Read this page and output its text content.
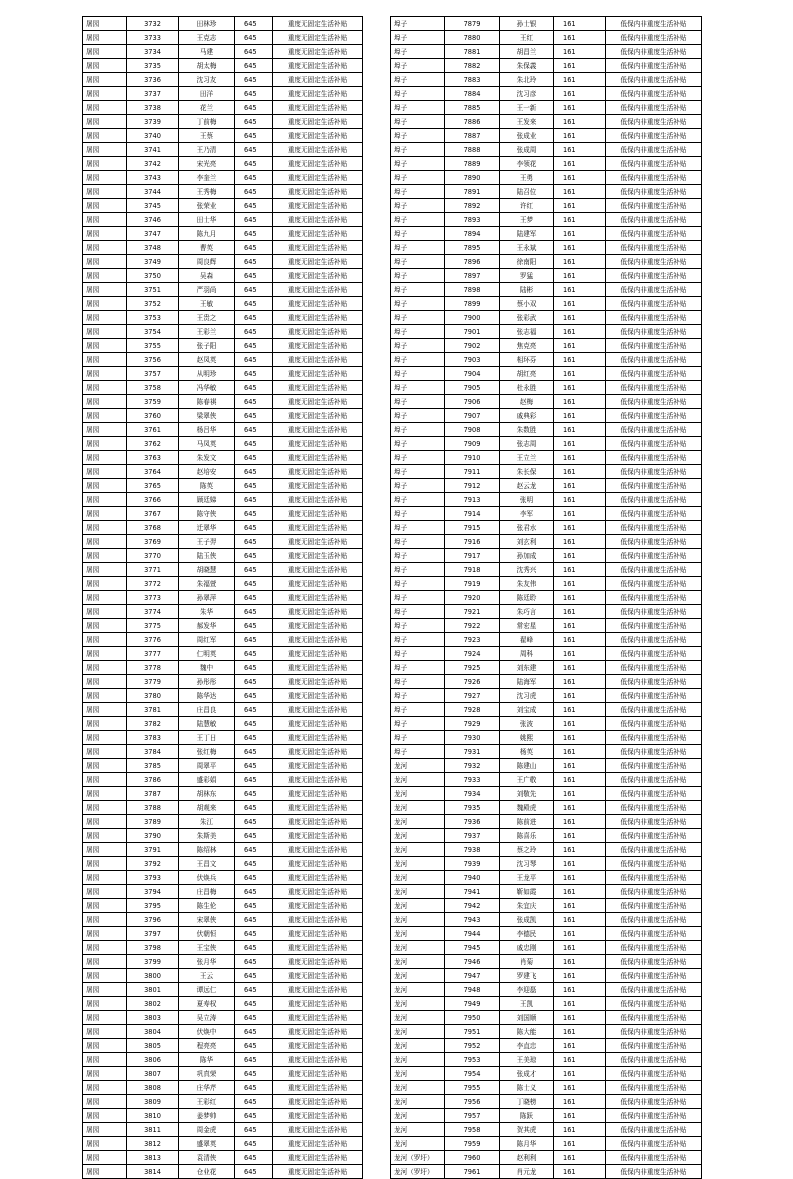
屠园	3732	田林珍	645	重度无固定生活补贴
屠园	3733	王克志	645	重度无固定生活补贴
屠园	3734	马建	645	重度无固定生活补贴
屠园	3735	胡太梅	645	重度无固定生活补贴
屠园	3736	沈习友	645	重度无固定生活补贴
屠园	3737	田洋	645	重度无固定生活补贴
屠园	3738	花兰	645	重度无固定生活补贴
屠园	3739	丁前梅	645	重度无固定生活补贴
屠园	3740	王蔡	645	重度无固定生活补贴
屠园	3741	王乃清	645	重度无固定生活补贴
屠园	3742	宋光亮	645	重度无固定生活补贴
屠园	3743	李奎兰	645	重度无固定生活补贴
屠园	3744	王秀梅	645	重度无固定生活补贴
屠园	3745	张荣业	645	重度无固定生活补贴
屠园	3746	田士华	645	重度无固定生活补贴
屠园	3747	陈九月	645	重度无固定生活补贴
屠园	3748	曹英	645	重度无固定生活补贴
屠园	3749	周良辉	645	重度无固定生活补贴
屠园	3750	吴森	645	重度无固定生活补贴
屠园	3751	严羽尚	645	重度无固定生活补贴
屠园	3752	王敏	645	重度无固定生活补贴
屠园	3753	王贵之	645	重度无固定生活补贴
屠园	3754	王彩兰	645	重度无固定生活补贴
屠园	3755	张子阳	645	重度无固定生活补贴
屠园	3756	赵凤英	645	重度无固定生活补贴
屠园	3757	从明珍	645	重度无固定生活补贴
屠园	3758	冯华敏	645	重度无固定生活补贴
屠园	3759	陈春祺	645	重度无固定生活补贴
屠园	3760	梁翠侠	645	重度无固定生活补贴
屠园	3761	杨吕华	645	重度无固定生活补贴
屠园	3762	马凤英	645	重度无固定生活补贴
屠园	3763	朱发文	645	重度无固定生活补贴
屠园	3764	赵培安	645	重度无固定生活补贴
屠园	3765	陈英	645	重度无固定生活补贴
屠园	3766	顾廷娣	645	重度无固定生活补贴
屠园	3767	陈守侠	645	重度无固定生活补贴
屠园	3768	迁翠华	645	重度无固定生活补贴
屠园	3769	王子羿	645	重度无固定生活补贴
屠园	3770	陆玉侠	645	重度无固定生活补贴
屠园	3771	胡晓慧	645	重度无固定生活补贴
屠园	3772	朱福萱	645	重度无固定生活补贴
屠园	3773	孙翠萍	645	重度无固定生活补贴
屠园	3774	朱华	645	重度无固定生活补贴
屠园	3775	郝发华	645	重度无固定生活补贴
屠园	3776	周红军	645	重度无固定生活补贴
屠园	3777	仁明英	645	重度无固定生活补贴
屠园	3778	魏中	645	重度无固定生活补贴
屠园	3779	孙彤彤	645	重度无固定生活补贴
屠园	3780	陈华达	645	重度无固定生活补贴
屠园	3781	庄昌良	645	重度无固定生活补贴
屠园	3782	陆慧敏	645	重度无固定生活补贴
屠园	3783	王丁日	645	重度无固定生活补贴
屠园	3784	张红梅	645	重度无固定生活补贴
屠园	3785	周翠平	645	重度无固定生活补贴
屠园	3786	盛彩娟	645	重度无固定生活补贴
屠园	3787	胡林东	645	重度无固定生活补贴
屠园	3788	胡观来	645	重度无固定生活补贴
屠园	3789	朱江	645	重度无固定生活补贴
屠园	3790	朱斯美	645	重度无固定生活补贴
屠园	3791	陈绍林	645	重度无固定生活补贴
屠园	3792	王昌文	645	重度无固定生活补贴
屠园	3793	伏焕兵	645	重度无固定生活补贴
屠园	3794	庄昌梅	645	重度无固定生活补贴
屠园	3795	陈生伦	645	重度无固定生活补贴
屠园	3796	宋翠侠	645	重度无固定生活补贴
屠园	3797	伏朝恒	645	重度无固定生活补贴
屠园	3798	王宝侠	645	重度无固定生活补贴
屠园	3799	张月华	645	重度无固定生活补贴
屠园	3800	王云	645	重度无固定生活补贴
屠园	3801	谭远仁	645	重度无固定生活补贴
屠园	3802	夏寿权	645	重度无固定生活补贴
屠园	3803	吴立涛	645	重度无固定生活补贴
屠园	3804	伏焕中	645	重度无固定生活补贴
屠园	3805	程亮亮	645	重度无固定生活补贴
屠园	3806	陈华	645	重度无固定生活补贴
屠园	3807	巩真荣	645	重度无固定生活补贴
屠园	3808	庄华芹	645	重度无固定生活补贴
屠园	3809	王彩红	645	重度无固定生活补贴
屠园	3810	姜梦帅	645	重度无固定生活补贴
屠园	3811	周金虎	645	重度无固定生活补贴
屠园	3812	盛翠英	645	重度无固定生活补贴
屠园	3813	袁清侠	645	重度无固定生活补贴
屠园	3814	仓业花	645	重度无固定生活补贴
埠子	7879	孙士银	161	低保内非重度生活补贴
埠子	7880	王红	161	低保内非重度生活补贴
埠子	7881	胡昌兰	161	低保内非重度生活补贴
埠子	7882	朱保義	161	低保内非重度生活补贴
埠子	7883	朱北玲	161	低保内非重度生活补贴
埠子	7884	沈习彦	161	低保内非重度生活补贴
埠子	7885	王一新	161	低保内非重度生活补贴
埠子	7886	王发来	161	低保内非重度生活补贴
埠子	7887	张成业	161	低保内非重度生活补贴
埠子	7888	张成周	161	低保内非重度生活补贴
埠子	7889	李领花	161	低保内非重度生活补贴
埠子	7890	王勇	161	低保内非重度生活补贴
埠子	7891	陆召位	161	低保内非重度生活补贴
埠子	7892	许红	161	低保内非重度生活补贴
埠子	7893	王梦	161	低保内非重度生活补贴
埠子	7894	陆建军	161	低保内非重度生活补贴
埠子	7895	王永斌	161	低保内非重度生活补贴
埠子	7896	徐南阳	161	低保内非重度生活补贴
埠子	7897	罗猛	161	低保内非重度生活补贴
埠子	7898	陆彬	161	低保内非重度生活补贴
埠子	7899	蔡小双	161	低保内非重度生活补贴
埠子	7900	张彩武	161	低保内非重度生活补贴
埠子	7901	张志福	161	低保内非重度生活补贴
埠子	7902	焦克亮	161	低保内非重度生活补贴
埠子	7903	相环芬	161	低保内非重度生活补贴
埠子	7904	胡红亮	161	低保内非重度生活补贴
埠子	7905	杜永胜	161	低保内非重度生活补贴
埠子	7906	赵梅	161	低保内非重度生活补贴
埠子	7907	戚典彩	161	低保内非重度生活补贴
埠子	7908	朱数胜	161	低保内非重度生活补贴
埠子	7909	张志周	161	低保内非重度生活补贴
埠子	7910	王立兰	161	低保内非重度生活补贴
埠子	7911	朱长保	161	低保内非重度生活补贴
埠子	7912	赵云龙	161	低保内非重度生活补贴
埠子	7913	张明	161	低保内非重度生活补贴
埠子	7914	李军	161	低保内非重度生活补贴
埠子	7915	张君水	161	低保内非重度生活补贴
埠子	7916	刘玄利	161	低保内非重度生活补贴
埠子	7917	孙加成	161	低保内非重度生活补贴
埠子	7918	沈秀兴	161	低保内非重度生活补贴
埠子	7919	朱友伟	161	低保内非重度生活补贴
埠子	7920	陈廷聆	161	低保内非重度生活补贴
埠子	7921	朱巧言	161	低保内非重度生活补贴
埠子	7922	常宏星	161	低保内非重度生活补贴
埠子	7923	翟峰	161	低保内非重度生活补贴
埠子	7924	周科	161	低保内非重度生活补贴
埠子	7925	刘东建	161	低保内非重度生活补贴
埠子	7926	陆海军	161	低保内非重度生活补贴
埠子	7927	沈习虎	161	低保内非重度生活补贴
埠子	7928	刘宝成	161	低保内非重度生活补贴
埠子	7929	张波	161	低保内非重度生活补贴
埠子	7930	姚熙	161	低保内非重度生活补贴
埠子	7931	杨英	161	低保内非重度生活补贴
龙河	7932	陈建山	161	低保内非重度生活补贴
龙河	7933	王广敬	161	低保内非重度生活补贴
龙河	7934	刘敬先	161	低保内非重度生活补贴
龙河	7935	魏殿虎	161	低保内非重度生活补贴
龙河	7936	陈前进	161	低保内非重度生活补贴
龙河	7937	陈喜乐	161	低保内非重度生活补贴
龙河	7938	蔡之玲	161	低保内非重度生活补贴
龙河	7939	沈习琴	161	低保内非重度生活补贴
龙河	7940	王龙平	161	低保内非重度生活补贴
龙河	7941	靳如霞	161	低保内非重度生活补贴
龙河	7942	朱宜庆	161	低保内非重度生活补贴
龙河	7943	张成凯	161	低保内非重度生活补贴
龙河	7944	李德民	161	低保内非重度生活补贴
龙河	7945	戚忠刚	161	低保内非重度生活补贴
龙河	7946	肖菊	161	低保内非重度生活补贴
龙河	7947	罗建飞	161	低保内非重度生活补贴
龙河	7948	李迎磊	161	低保内非重度生活补贴
龙河	7949	王凯	161	低保内非重度生活补贴
龙河	7950	刘国顺	161	低保内非重度生活补贴
龙河	7951	陈大能	161	低保内非重度生活补贴
龙河	7952	李直忠	161	低保内非重度生活补贴
龙河	7953	王美琼	161	低保内非重度生活补贴
龙河	7954	张成才	161	低保内非重度生活补贴
龙河	7955	陈士义	161	低保内非重度生活补贴
龙河	7956	丁晓榜	161	低保内非重度生活补贴
龙河	7957	陈跃	161	低保内非重度生活补贴
龙河	7958	贺其虎	161	低保内非重度生活补贴
龙河	7959	陈月华	161	低保内非重度生活补贴
龙河（罗圩）	7960	赵利利	161	低保内非重度生活补贴
龙河（罗圩）	7961	肖元龙	161	低保内非重度生活补贴
